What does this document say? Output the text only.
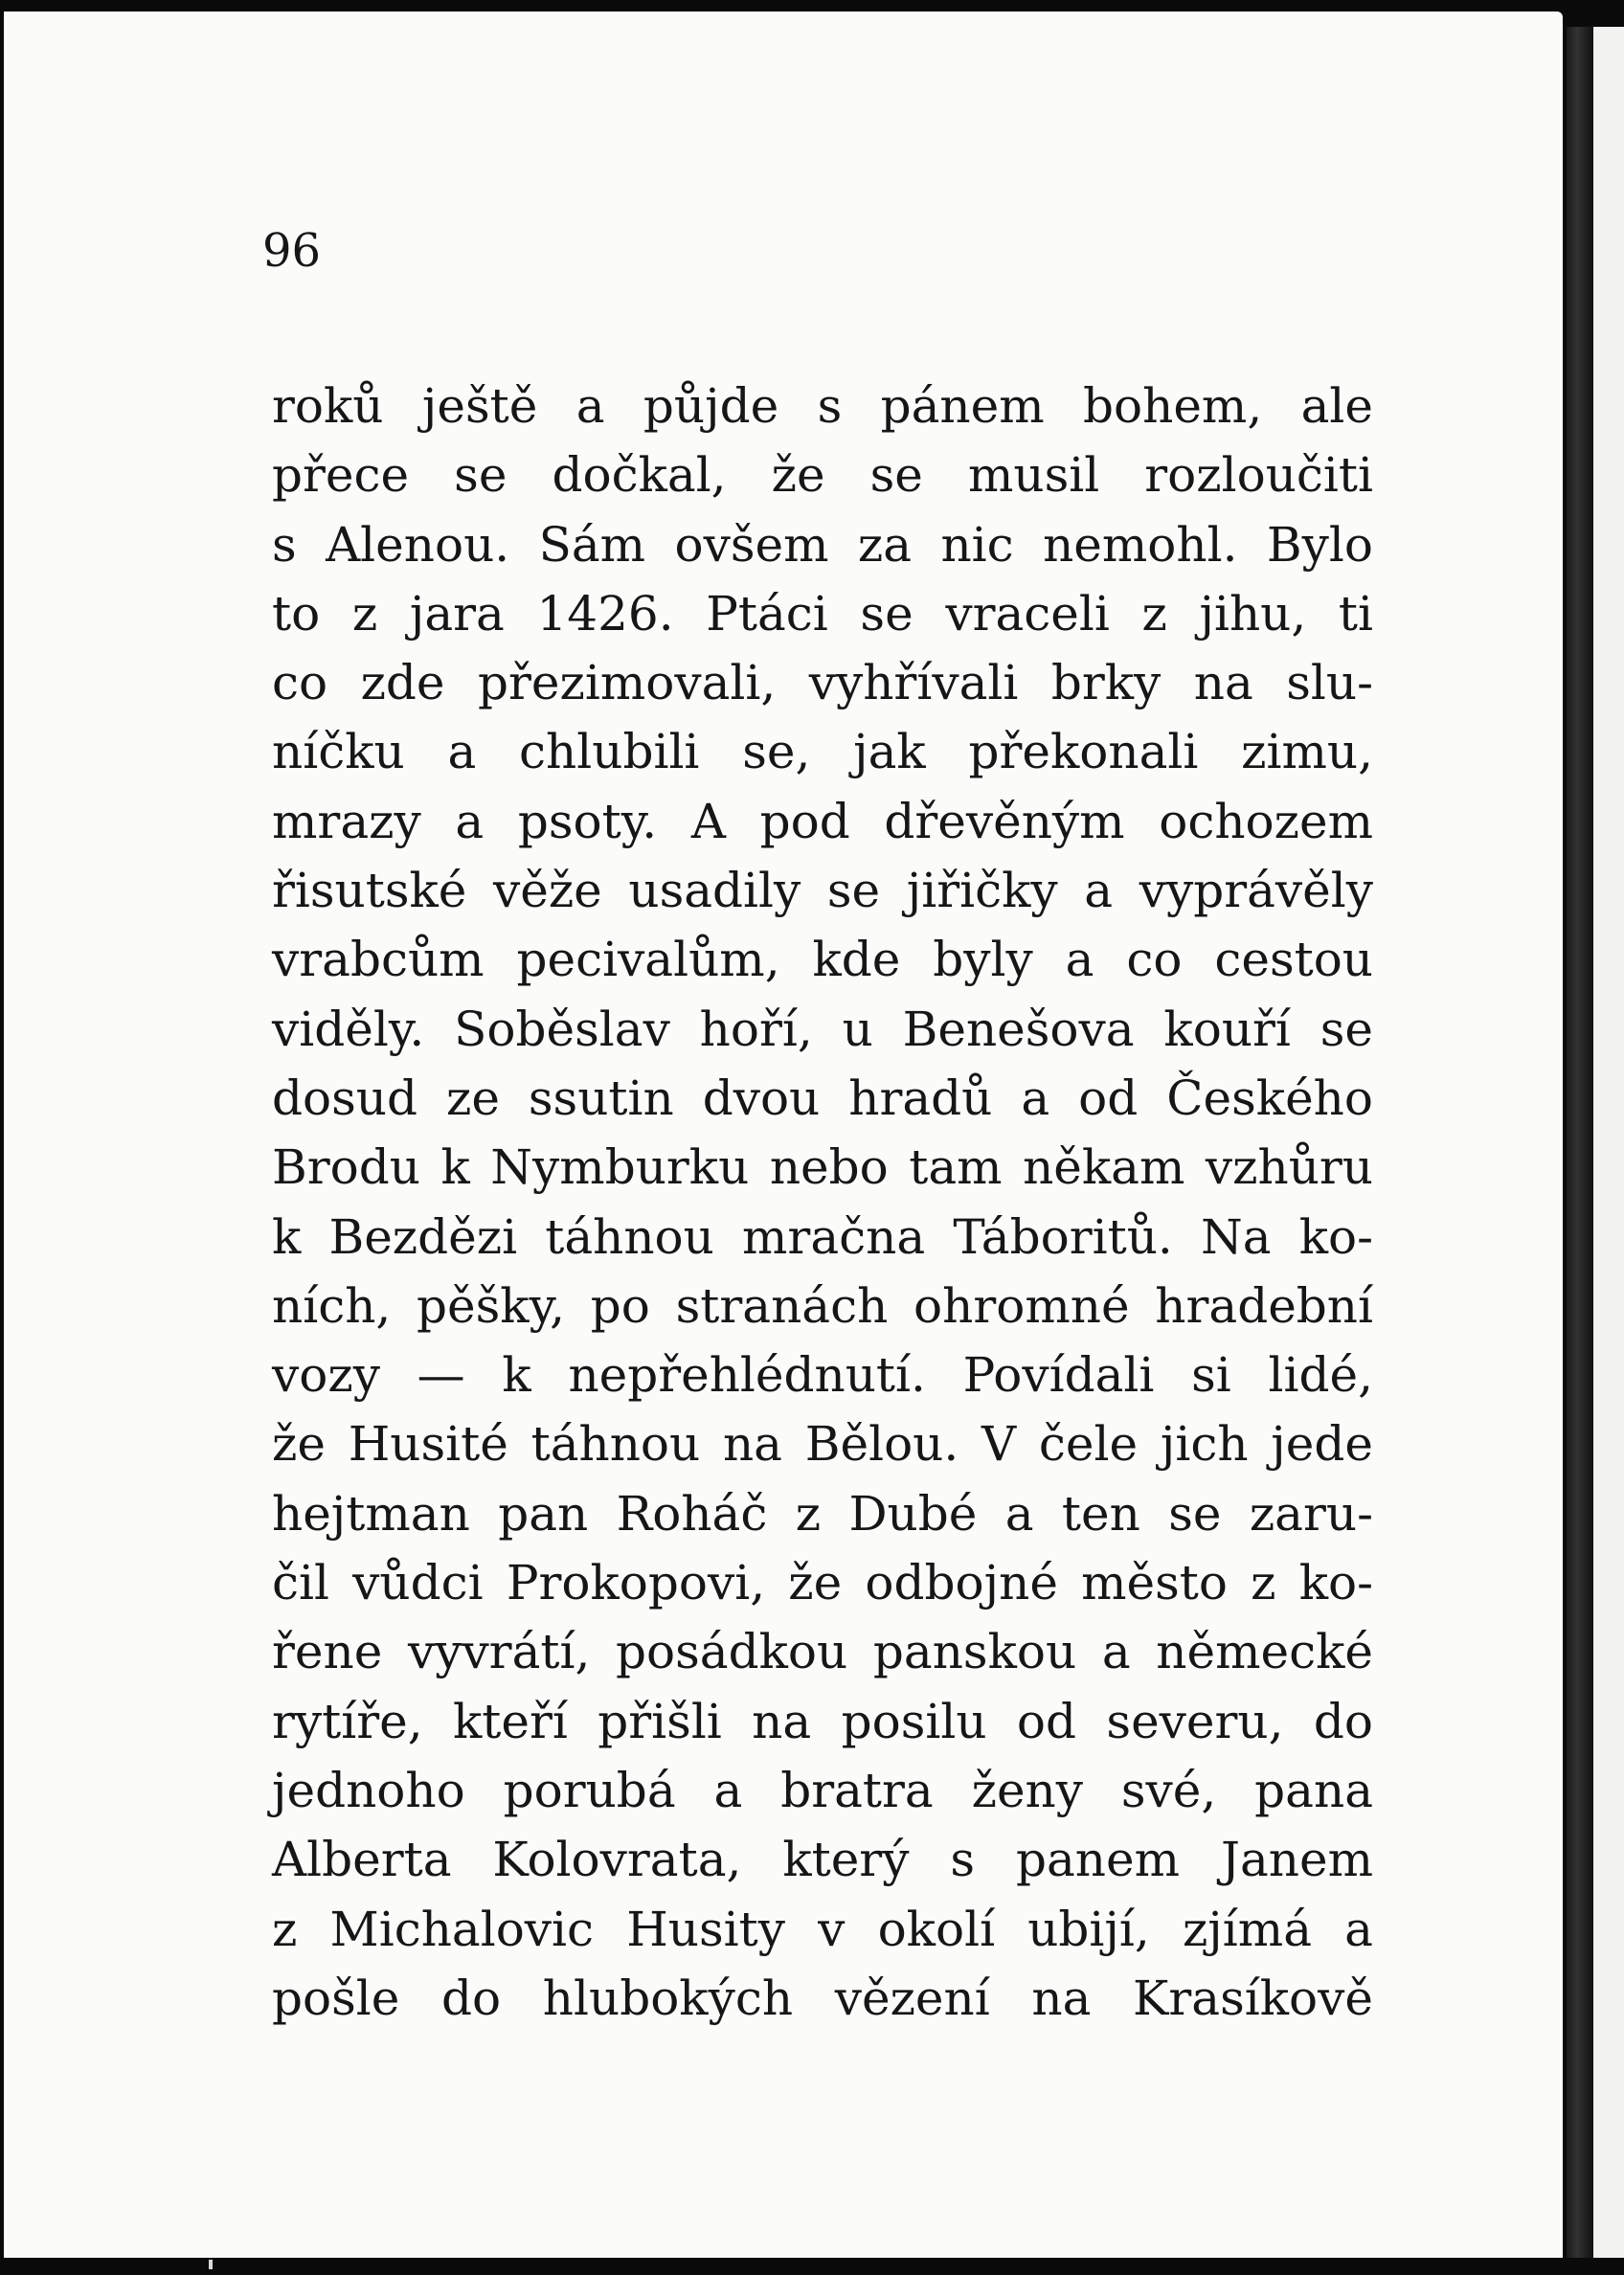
96
roků ještě a půjde s pánem bohem, ale
přece se dočkal, že se musil rozloučiti
s Alenou. Sám ovšem za nic nemohl. Bylo
to z jara 1426. Ptáci se vraceli z jihu, ti
co zde přezimovali, vyhřívali brky na slu-
níčku a chlubili se, jak překonali zimu,
mrazy a psoty. A pod dřevěným ochozem
řisutské věže usadily se jiřičky a vyprávěly
vrabcům pecivalům, kde byly a co cestou
viděly. Soběslav hoří, u Benešova kouří se
dosud ze ssutin dvou hradů a od Českého
Brodu k Nymburku nebo tam někam vzhůru
k Bezdězi táhnou mračna Táboritů. Na ko-
ních, pěšky, po stranách ohromné hradební
vozy — k nepřehlédnutí. Povídali si lidé,
že Husité táhnou na Bělou. V čele jich jede
hejtman pan Roháč z Dubé a ten se zaru-
čil vůdci Prokopovi, že odbojné město z ko-
řene vyvrátí, posádkou panskou a německé
rytíře, kteří přišli na posilu od severu, do
jednoho porubá a bratra ženy své, pana
Alberta Kolovrata, který s panem Janem
z Michalovic Husity v okolí ubijí, zjímá a
pošle do hlubokých vězení na Krasíkově
